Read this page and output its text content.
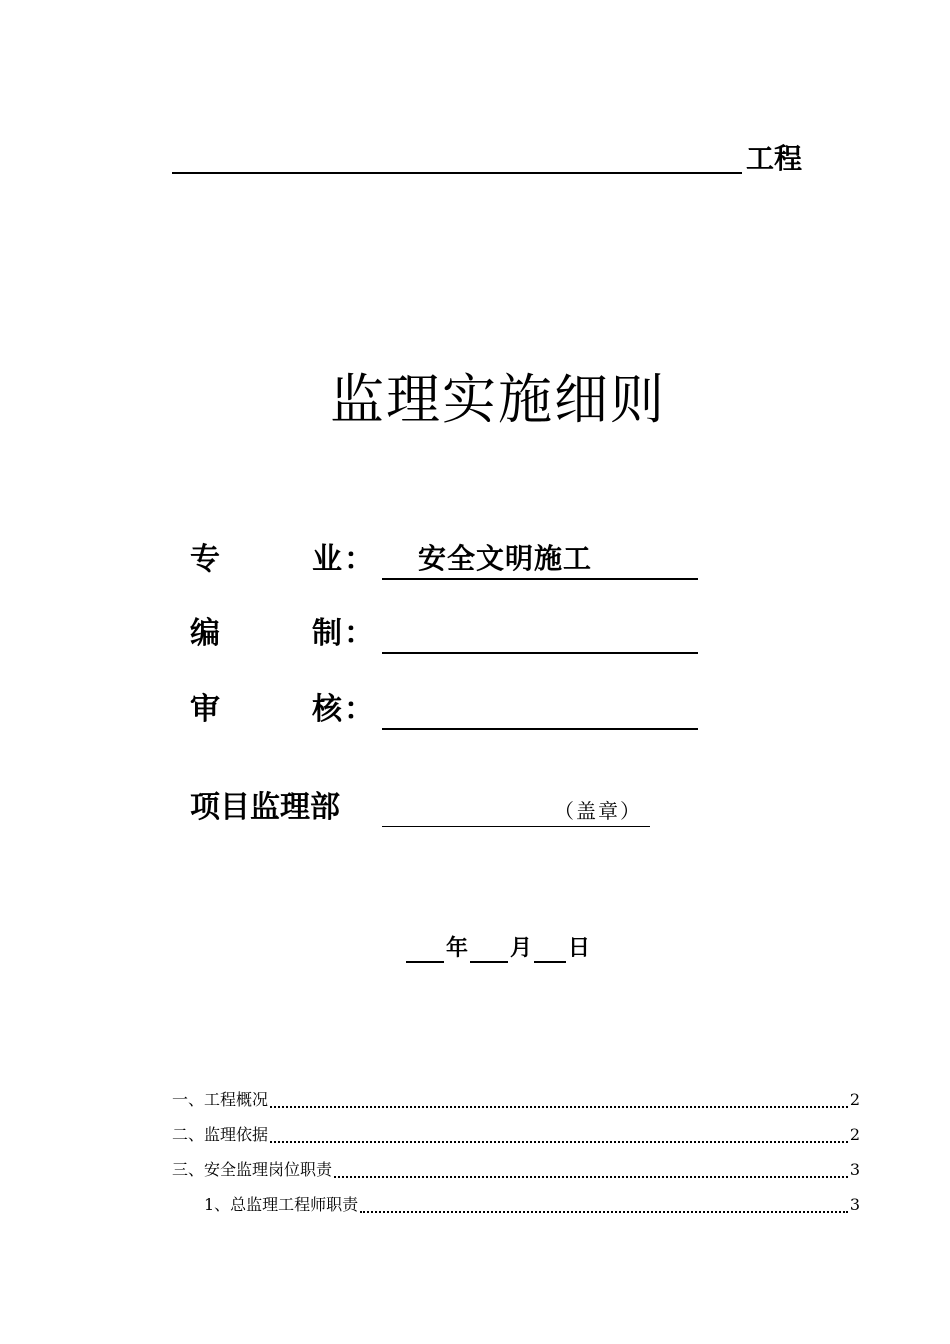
工程
监理实施细则
专	业 ：	安全文明施工
编	制 ：
审	核 ：
项目监理部	（盖章）
年 月 日
一、工程概况	2
二、监理依据	2
三、安全监理岗位职责	3
1、总监理工程师职责	3
